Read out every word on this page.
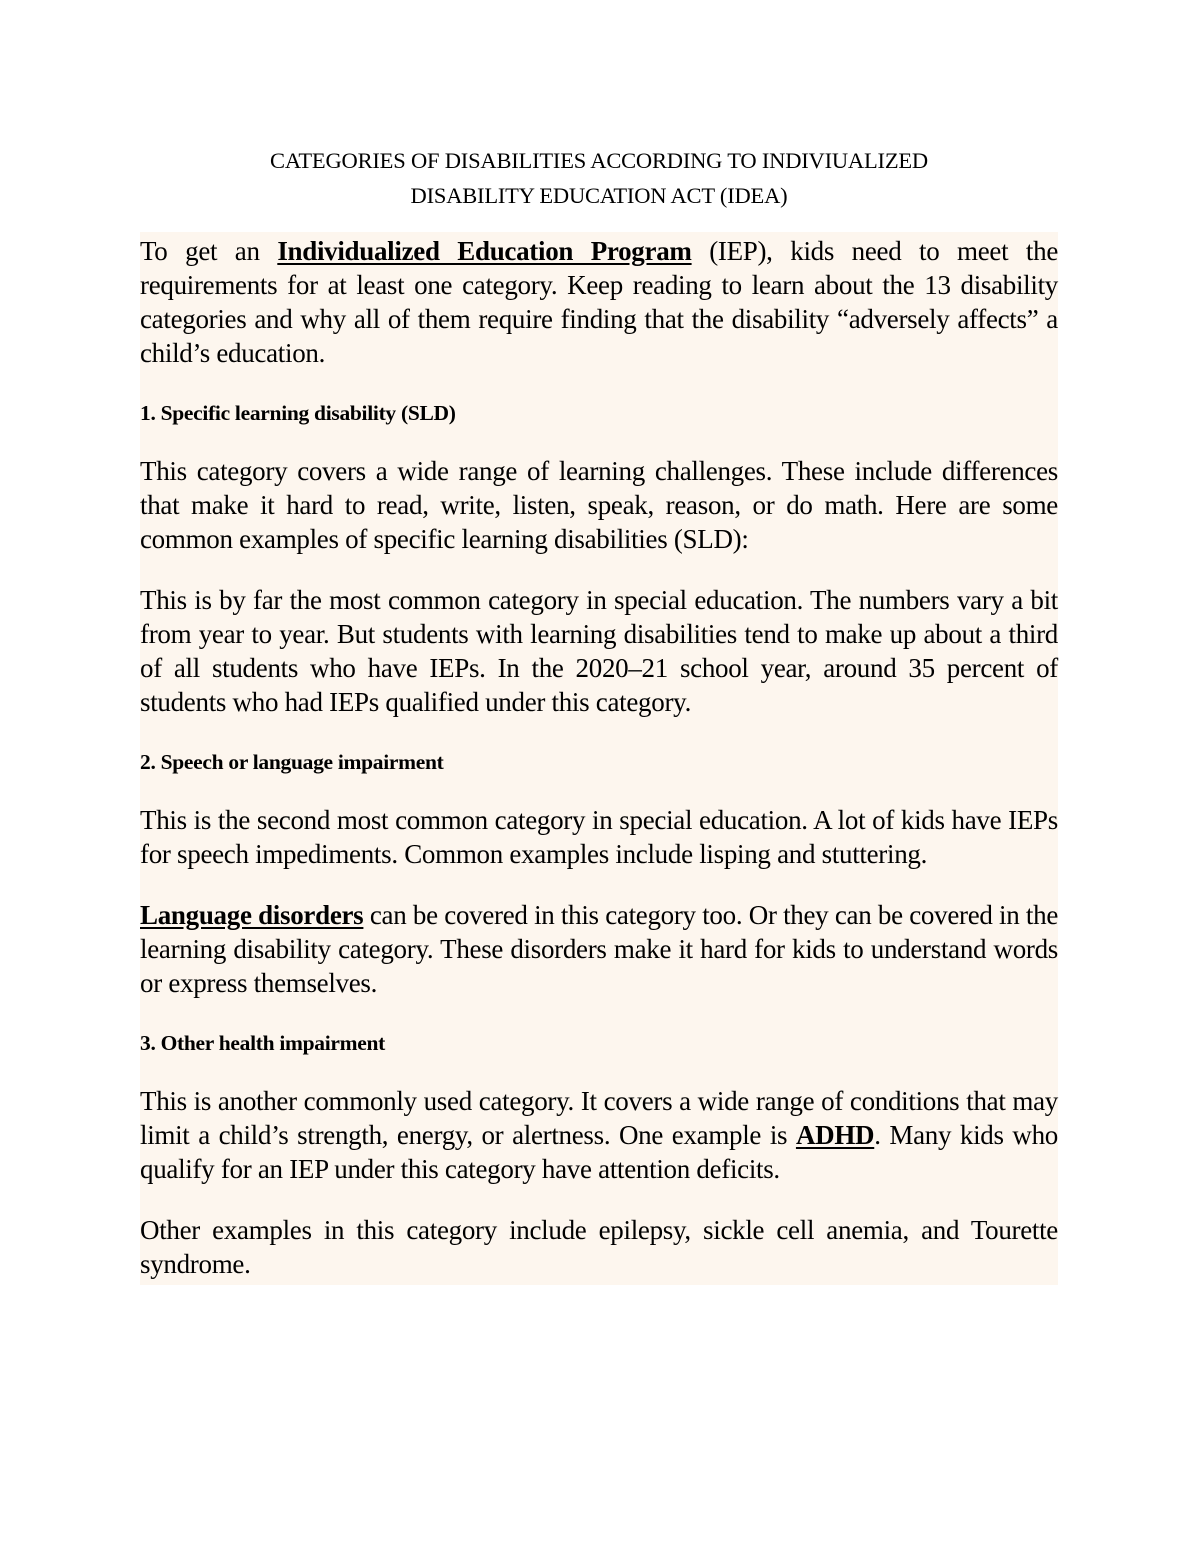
CATEGORIES OF DISABILITIES ACCORDING TO INDIVIUALIZED
DISABILITY EDUCATION ACT (IDEA)

To get an Individualized Education Program (IEP), kids need to meet the requirements for at least one category. Keep reading to learn about the 13 disability categories and why all of them require finding that the disability “adversely affects” a child’s education.

1. Specific learning disability (SLD)

This category covers a wide range of learning challenges. These include differences that make it hard to read, write, listen, speak, reason, or do math. Here are some common examples of specific learning disabilities (SLD):

This is by far the most common category in special education. The numbers vary a bit from year to year. But students with learning disabilities tend to make up about a third of all students who have IEPs. In the 2020–21 school year, around 35 percent of students who had IEPs qualified under this category.

2. Speech or language impairment

This is the second most common category in special education. A lot of kids have IEPs for speech impediments. Common examples include lisping and stuttering.

Language disorders can be covered in this category too. Or they can be covered in the learning disability category. These disorders make it hard for kids to understand words or express themselves.

3. Other health impairment

This is another commonly used category. It covers a wide range of conditions that may limit a child’s strength, energy, or alertness. One example is ADHD. Many kids who qualify for an IEP under this category have attention deficits.

Other examples in this category include epilepsy, sickle cell anemia, and Tourette syndrome.
